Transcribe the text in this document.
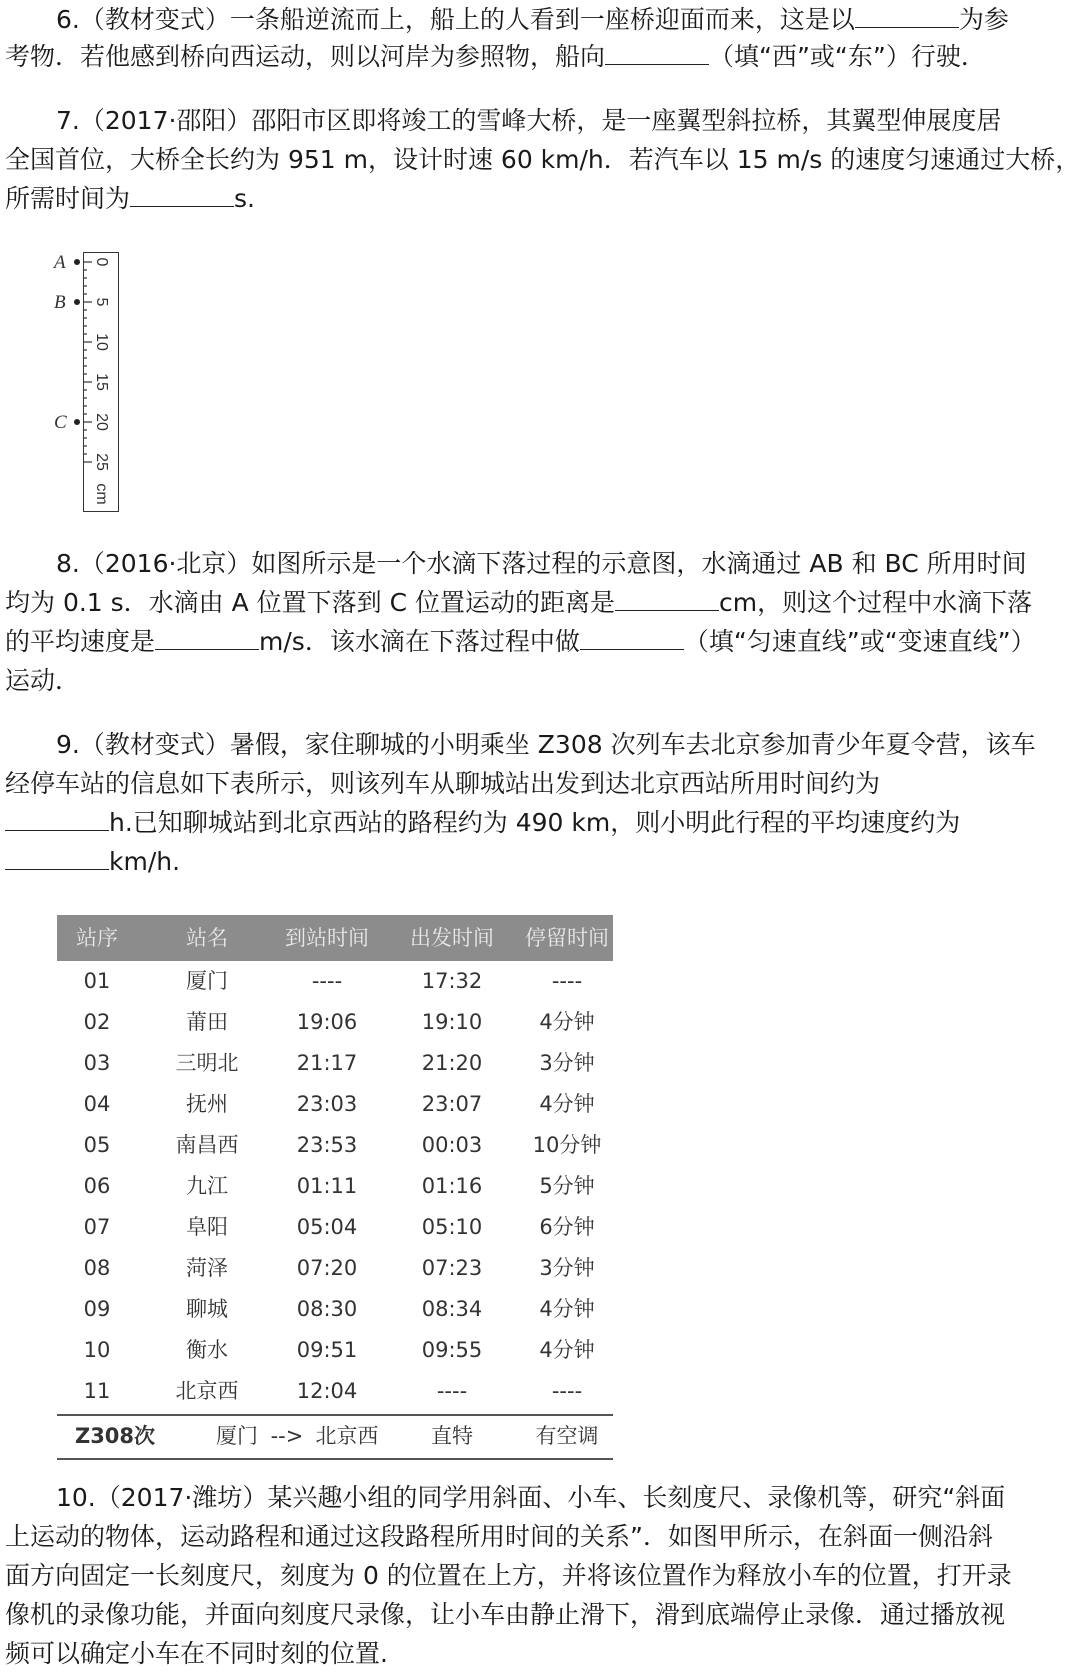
6.（教材变式）一条船逆流而上，船上的人看到一座桥迎面而来，这是以	为参
考物．若他感到桥向西运动，则以河岸为参照物，船向	（填“西”或“东”）行驶．
7.（2017·邵阳）邵阳市区即将竣工的雪峰大桥，是一座翼型斜拉桥，其翼型伸展度居
全国首位，大桥全长约为 951 m，设计时速 60 km/h．若汽车以 15 m/s 的速度匀速通过大桥，
所需时间为	s.
A
B
C
0
5
10
15
20
25
cm
8.（2016·北京）如图所示是一个水滴下落过程的示意图，水滴通过 AB 和 BC 所用时间
均为 0.1 s．水滴由 A 位置下落到 C 位置运动的距离是	cm，则这个过程中水滴下落
的平均速度是	m/s．该水滴在下落过程中做	（填“匀速直线”或“变速直线”）
运动．
9.（教材变式）暑假，家住聊城的小明乘坐 Z308 次列车去北京参加青少年夏令营，该车
经停车站的信息如下表所示，则该列车从聊城站出发到达北京西站所用时间约为
h.已知聊城站到北京西站的路程约为 490 km，则小明此行程的平均速度约为
km/h.
站序	站名	到站时间	出发时间	停留时间
01	厦门	----	17:32	----
02	莆田	19:06	19:10	4分钟
03	三明北	21:17	21:20	3分钟
04	抚州	23:03	23:07	4分钟
05	南昌西	23:53	00:03	10分钟
06	九江	01:11	01:16	5分钟
07	阜阳	05:04	05:10	6分钟
08	菏泽	07:20	07:23	3分钟
09	聊城	08:30	08:34	4分钟
10	衡水	09:51	09:55	4分钟
11	北京西	12:04	----	----
Z308次	厦门 --> 北京西	直特	有空调
10.（2017·潍坊）某兴趣小组的同学用斜面、小车、长刻度尺、录像机等，研究“斜面
上运动的物体，运动路程和通过这段路程所用时间的关系”．如图甲所示，在斜面一侧沿斜
面方向固定一长刻度尺，刻度为 0 的位置在上方，并将该位置作为释放小车的位置，打开录
像机的录像功能，并面向刻度尺录像，让小车由静止滑下，滑到底端停止录像．通过播放视
频可以确定小车在不同时刻的位置.
